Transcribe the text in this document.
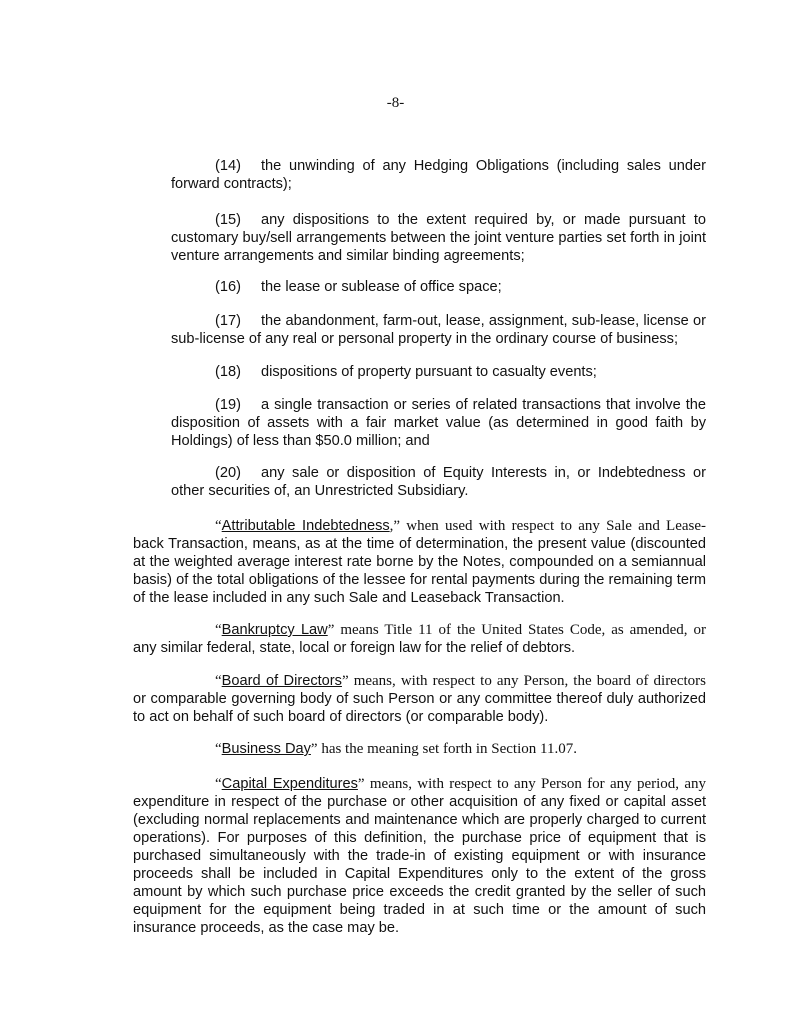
-8-
(14) the unwinding of any Hedging Obligations (including sales under forward contracts);
(15) any dispositions to the extent required by, or made pursuant to customary buy/sell arrangements between the joint venture parties set forth in joint venture arrangements and similar binding agreements;
(16) the lease or sublease of office space;
(17) the abandonment, farm-out, lease, assignment, sub-lease, license or sub-license of any real or personal property in the ordinary course of business;
(18) dispositions of property pursuant to casualty events;
(19) a single transaction or series of related transactions that involve the disposition of assets with a fair market value (as determined in good faith by Holdings) of less than $50.0 million; and
(20) any sale or disposition of Equity Interests in, or Indebtedness or other securities of, an Unrestricted Subsidiary.
“Attributable Indebtedness,” when used with respect to any Sale and Lease- back Transaction, means, as at the time of determination, the present value (discounted at the weighted average interest rate borne by the Notes, compounded on a semiannual basis) of the total obligations of the lessee for rental payments during the remaining term of the lease included in any such Sale and Leaseback Transaction.
“Bankruptcy Law” means Title 11 of the United States Code, as amended, or any similar federal, state, local or foreign law for the relief of debtors.
“Board of Directors” means, with respect to any Person, the board of directors or comparable governing body of such Person or any committee thereof duly authorized to act on behalf of such board of directors (or comparable body).
“Business Day” has the meaning set forth in Section 11.07.
“Capital Expenditures” means, with respect to any Person for any period, any expenditure in respect of the purchase or other acquisition of any fixed or capital asset (excluding normal replacements and maintenance which are properly charged to current operations). For purposes of this definition, the purchase price of equipment that is purchased simultaneously with the trade-in of existing equipment or with insurance proceeds shall be included in Capital Expenditures only to the extent of the gross amount by which such purchase price exceeds the credit granted by the seller of such equipment for the equipment being traded in at such time or the amount of such insurance proceeds, as the case may be.
